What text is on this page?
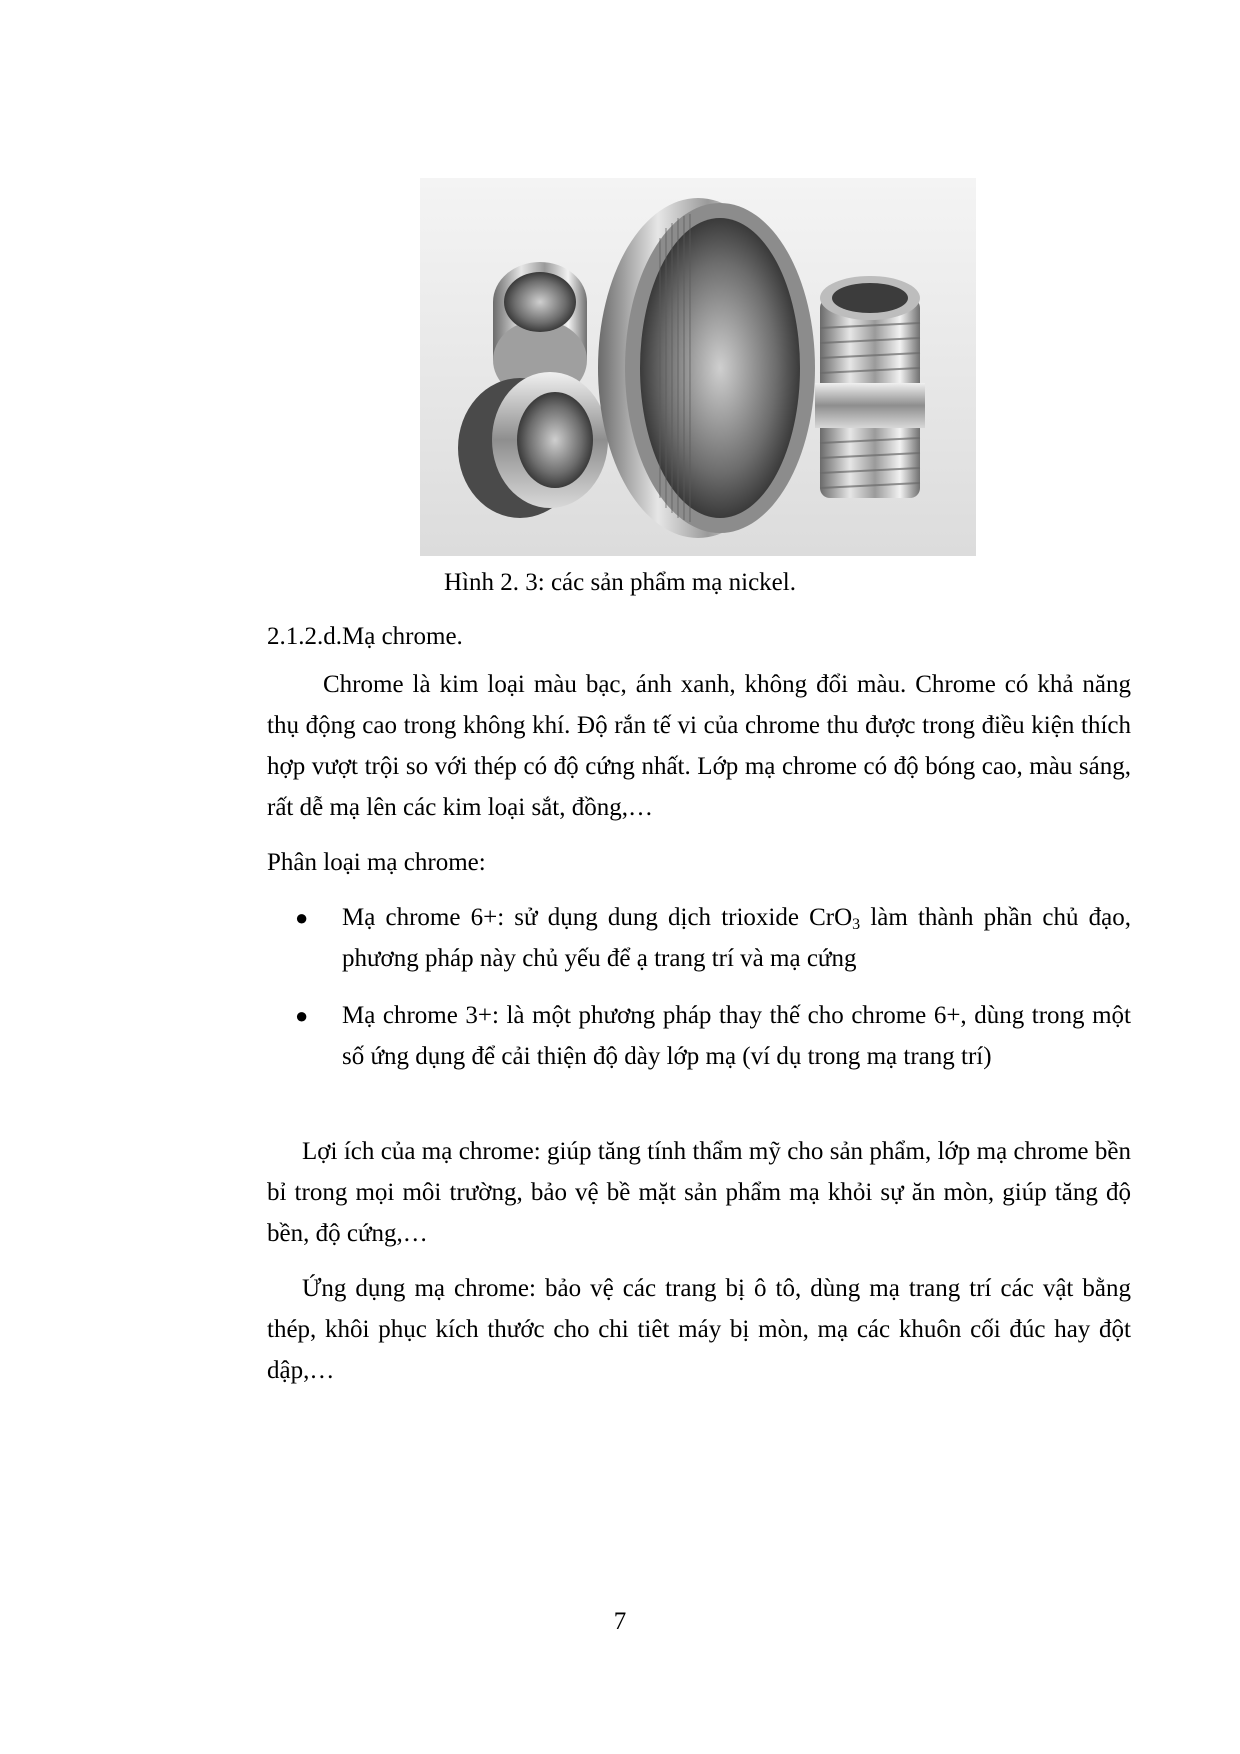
Hình 2. 3: các sản phẩm mạ nickel.
2.1.2.d.Mạ chrome.

Chrome là kim loại màu bạc, ánh xanh, không đổi màu. Chrome có khả năng thụ động cao trong không khí. Độ rắn tế vi của chrome thu được trong điều kiện thích hợp vượt trội so với thép có độ cứng nhất. Lớp mạ chrome có độ bóng cao, màu sáng, rất dễ mạ lên các kim loại sắt, đồng,…

Phân loại mạ chrome:

● Mạ chrome 6+: sử dụng dung dịch trioxide CrO$_3$ làm thành phần chủ đạo, phương pháp này chủ yếu để ạ trang trí và mạ cứng
● Mạ chrome 3+: là một phương pháp thay thế cho chrome 6+, dùng trong một số ứng dụng để cải thiện độ dày lớp mạ (ví dụ trong mạ trang trí)

Lợi ích của mạ chrome: giúp tăng tính thẩm mỹ cho sản phẩm, lớp mạ chrome bền bỉ trong mọi môi trường, bảo vệ bề mặt sản phẩm mạ khỏi sự ăn mòn, giúp tăng độ bền, độ cứng,…

Ứng dụng mạ chrome: bảo vệ các trang bị ô tô, dùng mạ trang trí các vật bằng thép, khôi phục kích thước cho chi tiêt máy bị mòn, mạ các khuôn cối đúc hay đột dập,…

7
